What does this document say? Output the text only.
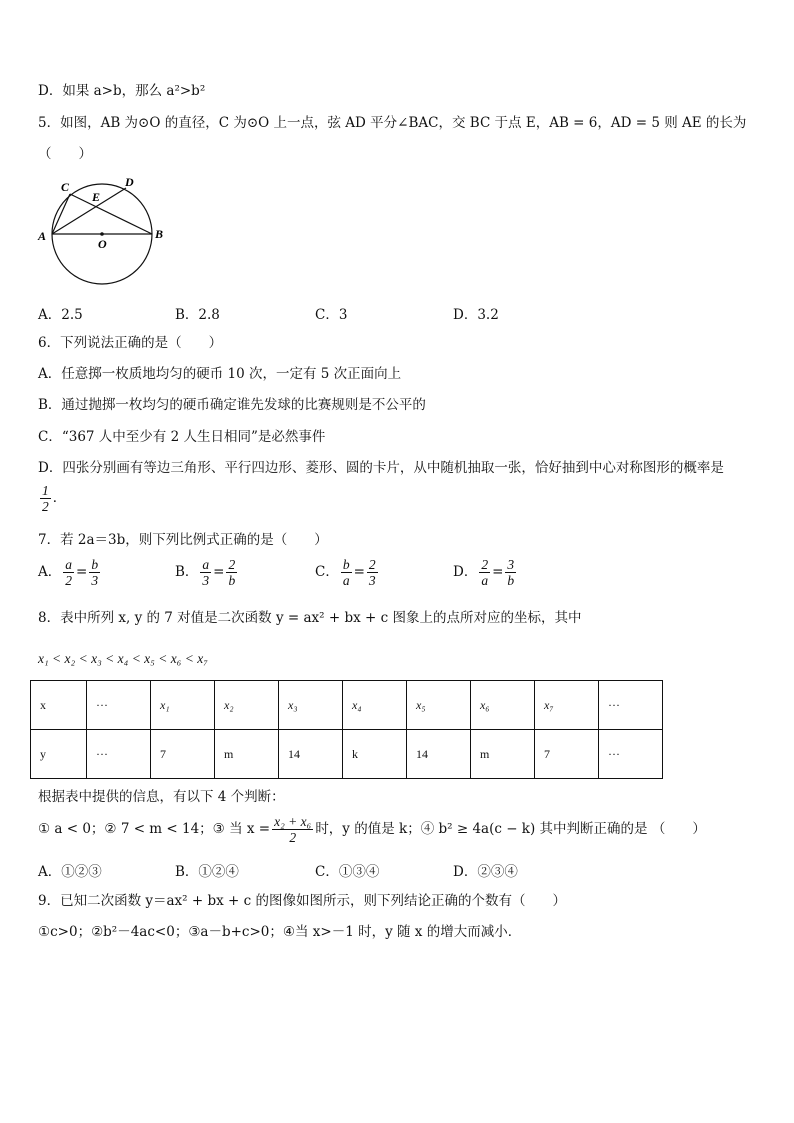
D．如果 a>b，那么 a²>b²
5．如图，AB 为⊙O 的直径，C 为⊙O 上一点，弦 AD 平分∠BAC，交 BC 于点 E，AB = 6，AD = 5 则 AE 的长为
（　　）
A	B
C	D
E
O
A．2.5	B．2.8	C．3	D．3.2
6．下列说法正确的是（　　）
A．任意掷一枚质地均匀的硬币 10 次，一定有 5 次正面向上
B．通过抛掷一枚均匀的硬币确定谁先发球的比赛规则是不公平的
C．“367 人中至少有 2 人生日相同”是必然事件
D．四张分别画有等边三角形、平行四边形、菱形、圆的卡片，从中随机抽取一张，恰好抽到中心对称图形的概率是
$\frac{1}{2}$ ．
7．若 2a＝3b，则下列比例式正确的是（　　）
A． $\frac{a}{2} = \frac{b}{3}$	B． $\frac{a}{3} = \frac{2}{b}$	C． $\frac{b}{a} = \frac{2}{3}$	D． $\frac{2}{a} = \frac{3}{b}$
8．表中所列 x, y 的 7 对值是二次函数 y = ax² + bx + c 图象上的点所对应的坐标，其中
x₁ < x₂ < x₃ < x₄ < x₅ < x₆ < x₇
x	···	x₁	x₂	x₃	x₄	x₅	x₆	x₇	···
y	···	7	m	14	k	14	m	7	···
根据表中提供的信息，有以下 4 个判断：
① a < 0；② 7 < m < 14；③ 当 $x = \frac{\text{x₂ + x₆}}{2}$ 时，y 的值是 k；④ b² ≥ 4a(c − k) 其中判断正确的是 （　　）
A．①②③	B．①②④	C．①③④	D．②③④
9．已知二次函数 y＝ax² + bx + c 的图像如图所示，则下列结论正确的个数有（　　）
①c>0；②b²－4ac<0；③a－b+c>0；④当 x>－1 时，y 随 x 的增大而减小．
